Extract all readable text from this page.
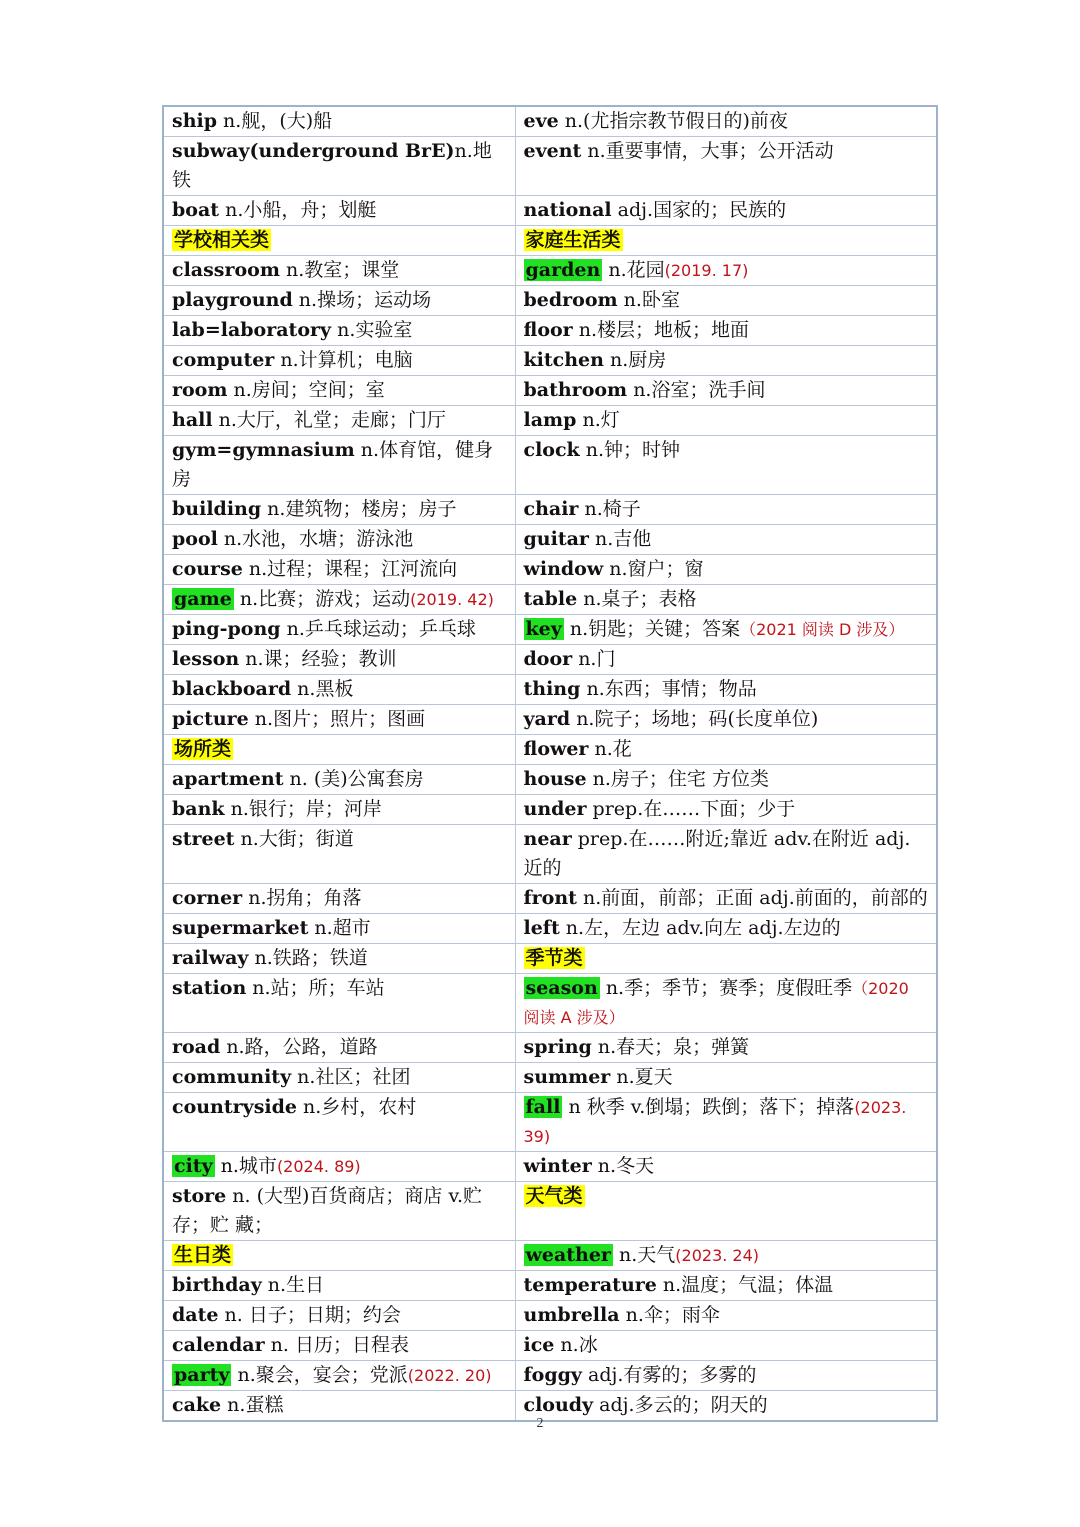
ship n.舰，(大)船	eve n.(尤指宗教节假日的)前夜
subway(underground BrE)n.地铁	event n.重要事情，大事；公开活动
boat n.小船，舟；划艇	national adj.国家的；民族的
学校相关类	家庭生活类
classroom n.教室；课堂	garden n.花园(2019. 17)
playground n.操场；运动场	bedroom n.卧室
lab=laboratory n.实验室	floor n.楼层；地板；地面
computer n.计算机；电脑	kitchen n.厨房
room n.房间；空间；室	bathroom n.浴室；洗手间
hall n.大厅，礼堂；走廊；门厅	lamp n.灯
gym=gymnasium n.体育馆，健身房	clock n.钟；时钟
building n.建筑物；楼房；房子	chair n.椅子
pool n.水池，水塘；游泳池	guitar n.吉他
course n.过程；课程；江河流向	window n.窗户；窗
game n.比赛；游戏；运动(2019. 42)	table n.桌子；表格
ping-pong n.乒乓球运动；乒乓球	key n.钥匙；关键；答案（2021 阅读 D 涉及）
lesson n.课；经验；教训	door n.门
blackboard n.黑板	thing n.东西；事情；物品
picture n.图片；照片；图画	yard n.院子；场地；码(长度单位)
场所类	flower n.花
apartment n. (美)公寓套房	house n.房子；住宅 方位类
bank n.银行；岸；河岸	under prep.在……下面；少于
street n.大街；街道	near prep.在……附近;靠近 adv.在附近 adj.近的
corner n.拐角；角落	front n.前面，前部；正面 adj.前面的，前部的
supermarket n.超市	left n.左，左边 adv.向左 adj.左边的
railway n.铁路；铁道	季节类
station n.站；所；车站	season n.季；季节；赛季；度假旺季（2020 阅读 A 涉及）
road n.路，公路，道路	spring n.春天；泉；弹簧
community n.社区；社团	summer n.夏天
countryside n.乡村，农村	fall n 秋季 v.倒塌；跌倒；落下；掉落(2023. 39)
city n.城市(2024. 89)	winter n.冬天
store n. (大型)百货商店；商店 v.贮存；贮 藏；	天气类
生日类	weather n.天气(2023. 24)
birthday n.生日	temperature n.温度；气温；体温
date n. 日子；日期；约会	umbrella n.伞；雨伞
calendar n. 日历；日程表	ice n.冰
party n.聚会，宴会；党派(2022. 20)	foggy adj.有雾的；多雾的
cake n.蛋糕	cloudy adj.多云的；阴天的
2
